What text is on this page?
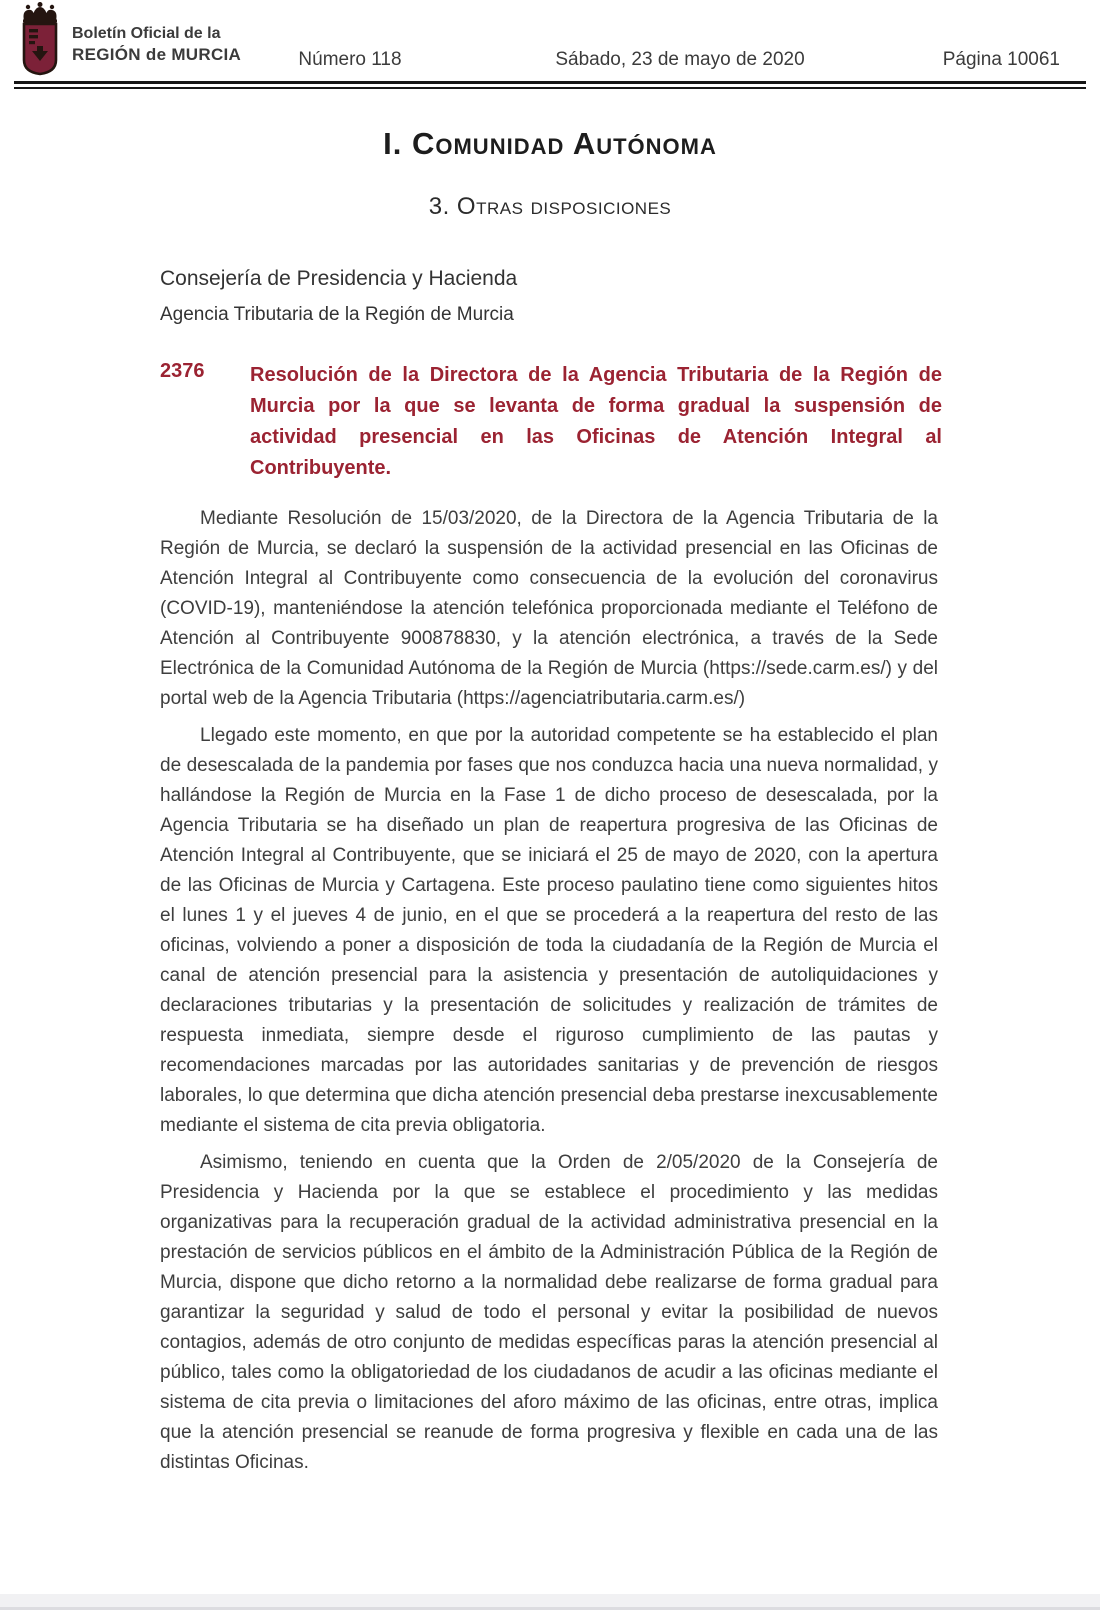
Boletín Oficial de la
REGIÓN de MURCIA	Número 118	Sábado, 23 de mayo de 2020	Página 10061
I. Comunidad Autónoma
3. Otras disposiciones
Consejería de Presidencia y Hacienda
Agencia Tributaria de la Región de Murcia
2376 Resolución de la Directora de la Agencia Tributaria de la Región de Murcia por la que se levanta de forma gradual la suspensión de actividad presencial en las Oficinas de Atención Integral al Contribuyente.

Mediante Resolución de 15/03/2020, de la Directora de la Agencia Tributaria de la Región de Murcia, se declaró la suspensión de la actividad presencial en las Oficinas de Atención Integral al Contribuyente como consecuencia de la evolución del coronavirus (COVID-19), manteniéndose la atención telefónica proporcionada mediante el Teléfono de Atención al Contribuyente 900878830, y la atención electrónica, a través de la Sede Electrónica de la Comunidad Autónoma de la Región de Murcia (https://sede.carm.es/) y del portal web de la Agencia Tributaria (https://agenciatributaria.carm.es/)

Llegado este momento, en que por la autoridad competente se ha establecido el plan de desescalada de la pandemia por fases que nos conduzca hacia una nueva normalidad, y hallándose la Región de Murcia en la Fase 1 de dicho proceso de desescalada, por la Agencia Tributaria se ha diseñado un plan de reapertura progresiva de las Oficinas de Atención Integral al Contribuyente, que se iniciará el 25 de mayo de 2020, con la apertura de las Oficinas de Murcia y Cartagena. Este proceso paulatino tiene como siguientes hitos el lunes 1 y el jueves 4 de junio, en el que se procederá a la reapertura del resto de las oficinas, volviendo a poner a disposición de toda la ciudadanía de la Región de Murcia el canal de atención presencial para la asistencia y presentación de autoliquidaciones y declaraciones tributarias y la presentación de solicitudes y realización de trámites de respuesta inmediata, siempre desde el riguroso cumplimiento de las pautas y recomendaciones marcadas por las autoridades sanitarias y de prevención de riesgos laborales, lo que determina que dicha atención presencial deba prestarse inexcusablemente mediante el sistema de cita previa obligatoria.

Asimismo, teniendo en cuenta que la Orden de 2/05/2020 de la Consejería de Presidencia y Hacienda por la que se establece el procedimiento y las medidas organizativas para la recuperación gradual de la actividad administrativa presencial en la prestación de servicios públicos en el ámbito de la Administración Pública de la Región de Murcia, dispone que dicho retorno a la normalidad debe realizarse de forma gradual para garantizar la seguridad y salud de todo el personal y evitar la posibilidad de nuevos contagios, además de otro conjunto de medidas específicas paras la atención presencial al público, tales como la obligatoriedad de los ciudadanos de acudir a las oficinas mediante el sistema de cita previa o limitaciones del aforo máximo de las oficinas, entre otras, implica que la atención presencial se reanude de forma progresiva y flexible en cada una de las distintas Oficinas.
